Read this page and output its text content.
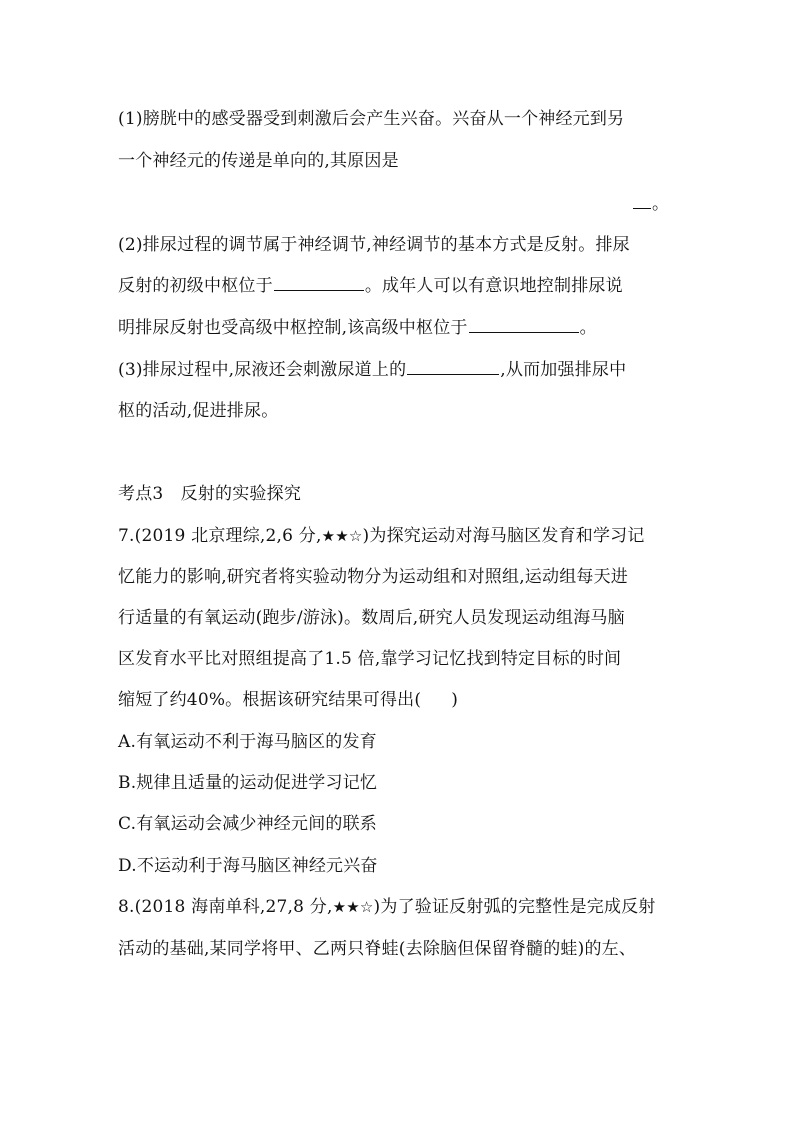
(1)膀胱中的感受器受到刺激后会产生兴奋。兴奋从一个神经元到另
一个神经元的传递是单向的,其原因是
。
(2)排尿过程的调节属于神经调节,神经调节的基本方式是反射。排尿
反射的初级中枢位于	。成年人可以有意识地控制排尿说
明排尿反射也受高级中枢控制,该高级中枢位于	。
(3)排尿过程中,尿液还会刺激尿道上的	,从而加强排尿中
枢的活动,促进排尿。
考点3　反射的实验探究
7.(2019 北京理综,2,6 分,★★☆)为探究运动对海马脑区发育和学习记
忆能力的影响,研究者将实验动物分为运动组和对照组,运动组每天进
行适量的有氧运动(跑步/游泳)。数周后,研究人员发现运动组海马脑
区发育水平比对照组提高了1.5 倍,靠学习记忆找到特定目标的时间
缩短了约40%。根据该研究结果可得出( )
A.有氧运动不利于海马脑区的发育
B.规律且适量的运动促进学习记忆
C.有氧运动会减少神经元间的联系
D.不运动利于海马脑区神经元兴奋
8.(2018 海南单科,27,8 分,★★☆)为了验证反射弧的完整性是完成反射
活动的基础,某同学将甲、乙两只脊蛙(去除脑但保留脊髓的蛙)的左、
